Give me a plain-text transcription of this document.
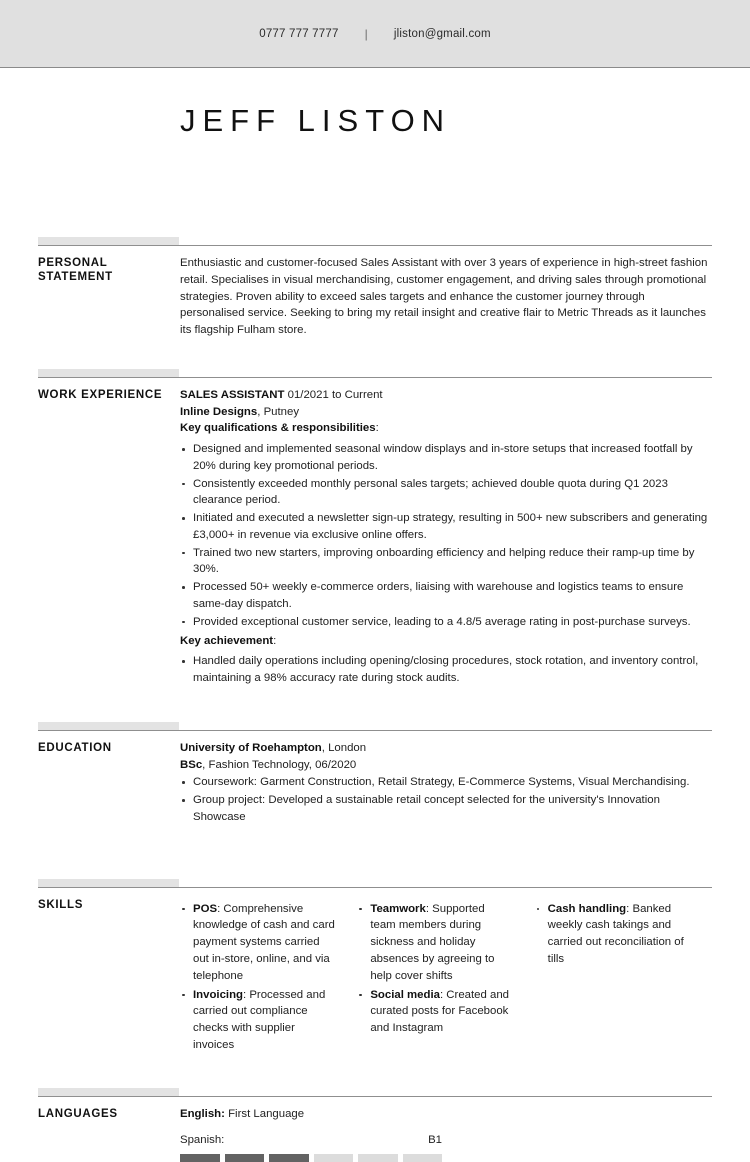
0777 777 7777 | jliston@gmail.com
JEFF LISTON
PERSONAL
STATEMENT

Enthusiastic and customer-focused Sales Assistant with over 3 years of experience in high-street fashion retail. Specialises in visual merchandising, customer engagement, and driving sales through promotional strategies. Proven ability to exceed sales targets and enhance the customer journey through personalised service. Seeking to bring my retail insight and creative flair to Metric Threads as it launches its flagship Fulham store.

WORK EXPERIENCE	SALES ASSISTANT 01/2021 to Current
Inline Designs, Putney
Key qualifications & responsibilities:
Designed and implemented seasonal window displays and in-store setups that increased footfall by 20% during key promotional periods.
Consistently exceeded monthly personal sales targets; achieved double quota during Q1 2023 clearance period.
Initiated and executed a newsletter sign-up strategy, resulting in 500+ new subscribers and generating £3,000+ in revenue via exclusive online offers.
Trained two new starters, improving onboarding efficiency and helping reduce their ramp-up time by 30%.
Processed 50+ weekly e-commerce orders, liaising with warehouse and logistics teams to ensure same-day dispatch.
Provided exceptional customer service, leading to a 4.8/5 average rating in post-purchase surveys.
Key achievement:
Handled daily operations including opening/closing procedures, stock rotation, and inventory control, maintaining a 98% accuracy rate during stock audits.
EDUCATION	University of Roehampton, London
BSc, Fashion Technology, 06/2020
Coursework: Garment Construction, Retail Strategy, E-Commerce Systems, Visual Merchandising.
Group project: Developed a sustainable retail concept selected for the university's Innovation Showcase
SKILLS	POS: Comprehensive knowledge of cash and card payment systems carried out in-store, online, and via telephone
Invoicing: Processed and carried out compliance checks with supplier invoices
Teamwork: Supported team members during sickness and holiday absences by agreeing to help cover shifts
Social media: Created and curated posts for Facebook and Instagram
Cash handling: Banked weekly cash takings and carried out reconciliation of tills
LANGUAGES	English: First Language
Spanish:	B1
